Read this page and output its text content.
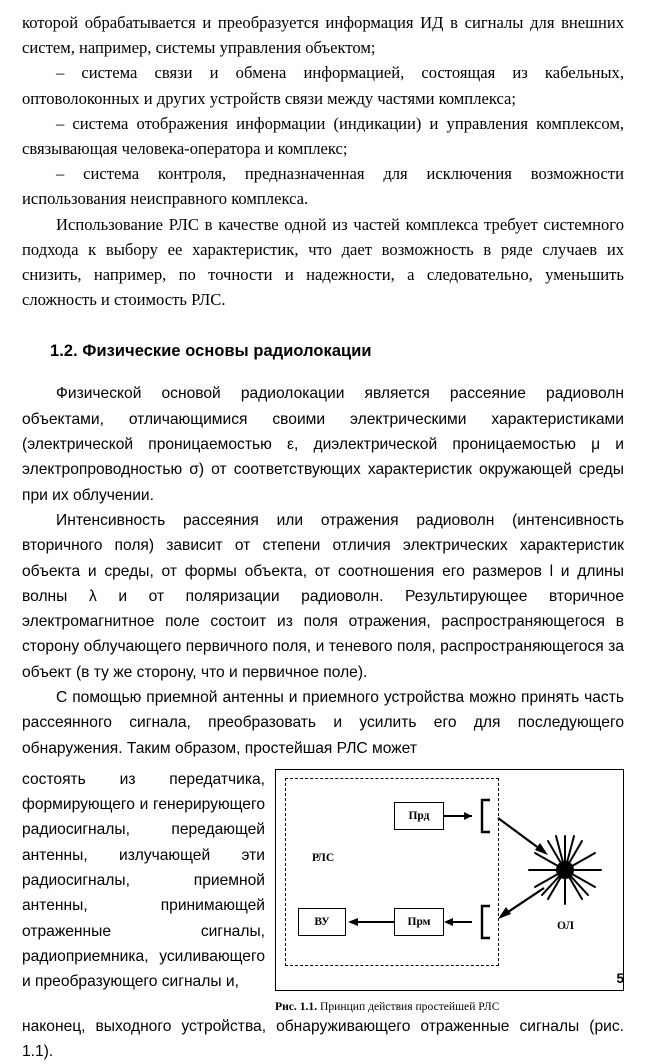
которой обрабатывается и преобразуется информация ИД в сигналы для внешних систем, например, системы управления объектом;

– система связи и обмена информацией, состоящая из кабельных, оптоволоконных и других устройств связи между частями комплекса;

– система отображения информации (индикации) и управления комплексом, связывающая человека-оператора и комплекс;

– система контроля, предназначенная для исключения возможности использования неисправного комплекса.

Использование РЛС в качестве одной из частей комплекса требует системного подхода к выбору ее характеристик, что дает возможность в ряде случаев их снизить, например, по точности и надежности, а следовательно, уменьшить сложность и стоимость РЛС.

1.2. Физические основы радиолокации

Физической основой радиолокации является рассеяние радиоволн объектами, отличающимися своими электрическими характеристиками (электрической проницаемостью ε, диэлектрической проницаемостью μ и электропроводностью σ) от соответствующих характеристик окружающей среды при их облучении.

Интенсивность рассеяния или отражения радиоволн (интенсивность вторичного поля) зависит от степени отличия электрических характеристик объекта и среды, от формы объекта, от соотношения его размеров l и длины волны λ и от поляризации радиоволн. Результирующее вторичное электромагнитное поле состоит из поля отражения, распространяющегося в сторону облучающего первичного поля, и теневого поля, распространяющегося за объект (в ту же сторону, что и первичное поле).

С помощью приемной антенны и приемного устройства можно принять часть рассеянного сигнала, преобразовать и усилить его для последующего обнаружения. Таким образом, простейшая РЛС может

Прд
Прм
ВУ
РЛС
ОЛ
Рис. 1.1. Принцип действия простейшей РЛС

состоять из передатчика, формирующего и генерирующего радиосигналы, передающей антенны, излучающей эти радиосигналы, приемной антенны, принимающей отраженные сигналы, радиоприемника, усиливающего и преобразующего сигналы и,

наконец, выходного устройства, обнаруживающего отраженные сигналы (рис. 1.1).

5
